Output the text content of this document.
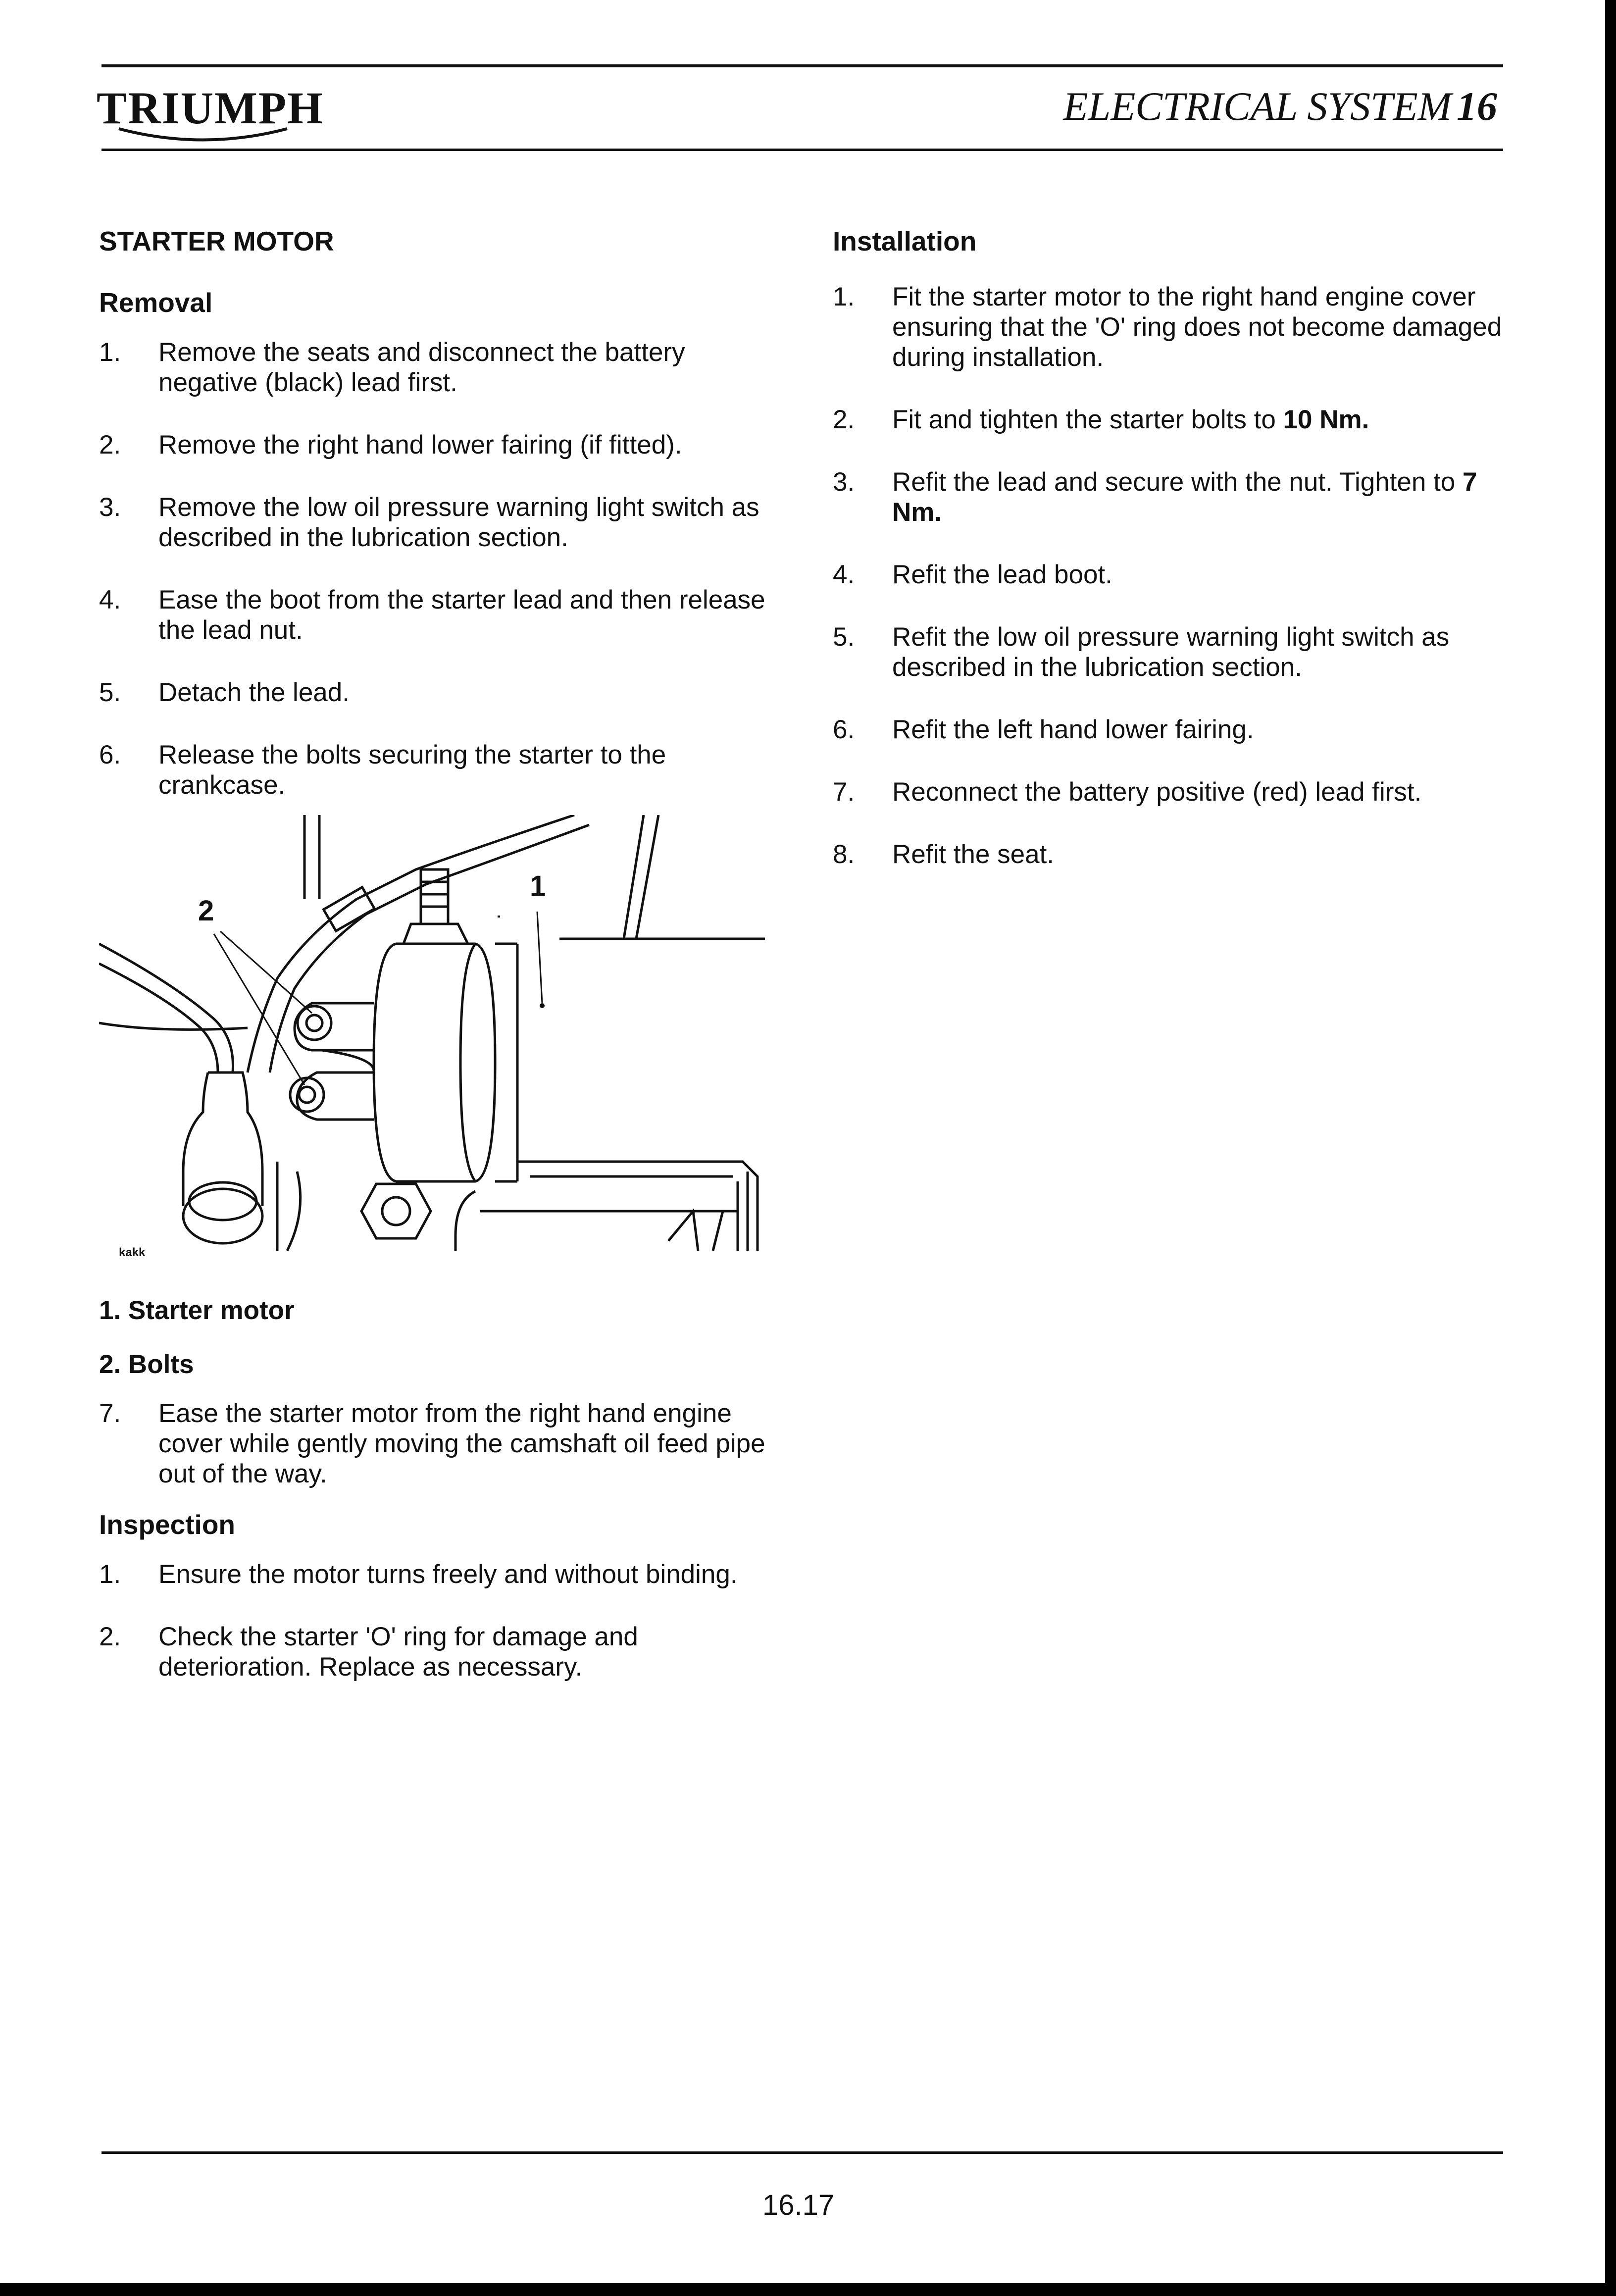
TRIUMPH	ELECTRICAL SYSTEM 16
STARTER MOTOR
Removal
1. Remove the seats and disconnect the battery negative (black) lead first.
2. Remove the right hand lower fairing (if fitted).
3. Remove the low oil pressure warning light switch as described in the lubrication section.
4. Ease the boot from the starter lead and then release the lead nut.
5. Detach the lead.
6. Release the bolts securing the starter to the crankcase.
1
2
kakk
1. Starter motor
2. Bolts
7. Ease the starter motor from the right hand engine cover while gently moving the camshaft oil feed pipe out of the way.
Inspection
1. Ensure the motor turns freely and without binding.
2. Check the starter 'O' ring for damage and deterioration. Replace as necessary.
Installation
1. Fit the starter motor to the right hand engine cover ensuring that the 'O' ring does not become damaged during installation.
2. Fit and tighten the starter bolts to 10 Nm.
3. Refit the lead and secure with the nut. Tighten to 7 Nm.
4. Refit the lead boot.
5. Refit the low oil pressure warning light switch as described in the lubrication section.
6. Refit the left hand lower fairing.
7. Reconnect the battery positive (red) lead first.
8. Refit the seat.
16.17
